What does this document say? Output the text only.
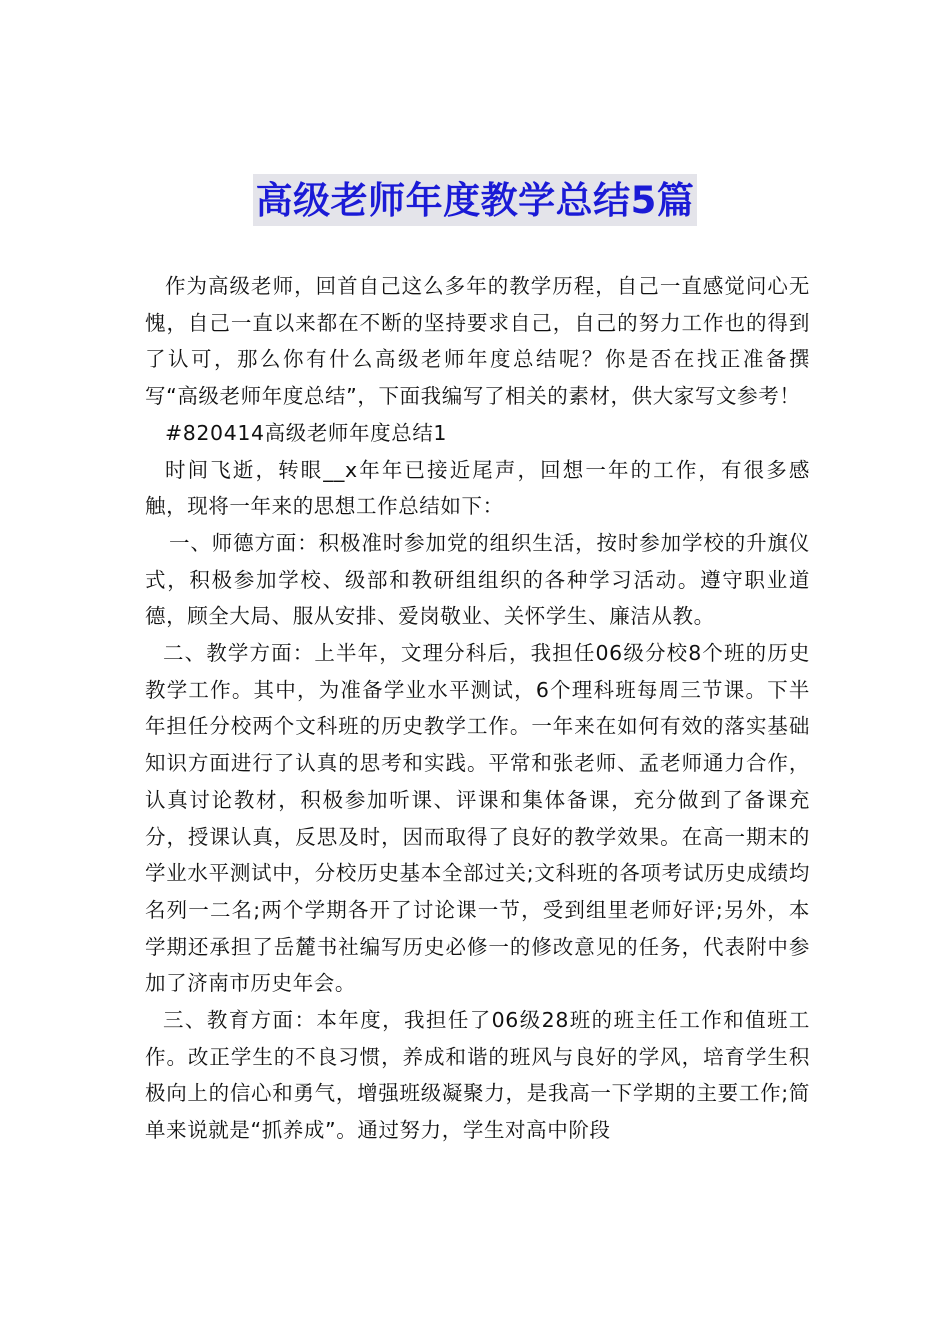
高级老师年度教学总结5篇

作为高级老师，回首自己这么多年的教学历程，自己一直感觉问心无愧，自己一直以来都在不断的坚持要求自己，自己的努力工作也的得到了认可，那么你有什么高级老师年度总结呢？你是否在找正准备撰写“高级老师年度总结”，下面我编写了相关的素材，供大家写文参考！

#820414高级老师年度总结1

时间飞逝，转眼__x年年已接近尾声，回想一年的工作，有很多感触，现将一年来的思想工作总结如下：

一、师德方面：积极准时参加党的组织生活，按时参加学校的升旗仪式，积极参加学校、级部和教研组组织的各种学习活动。遵守职业道德，顾全大局、服从安排、爱岗敬业、关怀学生、廉洁从教。

二、教学方面：上半年，文理分科后，我担任06级分校8个班的历史教学工作。其中，为准备学业水平测试，6个理科班每周三节课。下半年担任分校两个文科班的历史教学工作。一年来在如何有效的落实基础知识方面进行了认真的思考和实践。平常和张老师、孟老师通力合作，认真讨论教材，积极参加听课、评课和集体备课，充分做到了备课充分，授课认真，反思及时，因而取得了良好的教学效果。在高一期末的学业水平测试中，分校历史基本全部过关;文科班的各项考试历史成绩均名列一二名;两个学期各开了讨论课一节，受到组里老师好评;另外，本学期还承担了岳麓书社编写历史必修一的修改意见的任务，代表附中参加了济南市历史年会。

三、教育方面：本年度，我担任了06级28班的班主任工作和值班工作。改正学生的不良习惯，养成和谐的班风与良好的学风，培育学生积极向上的信心和勇气，增强班级凝聚力，是我高一下学期的主要工作;简单来说就是“抓养成”。通过努力，学生对高中阶段
